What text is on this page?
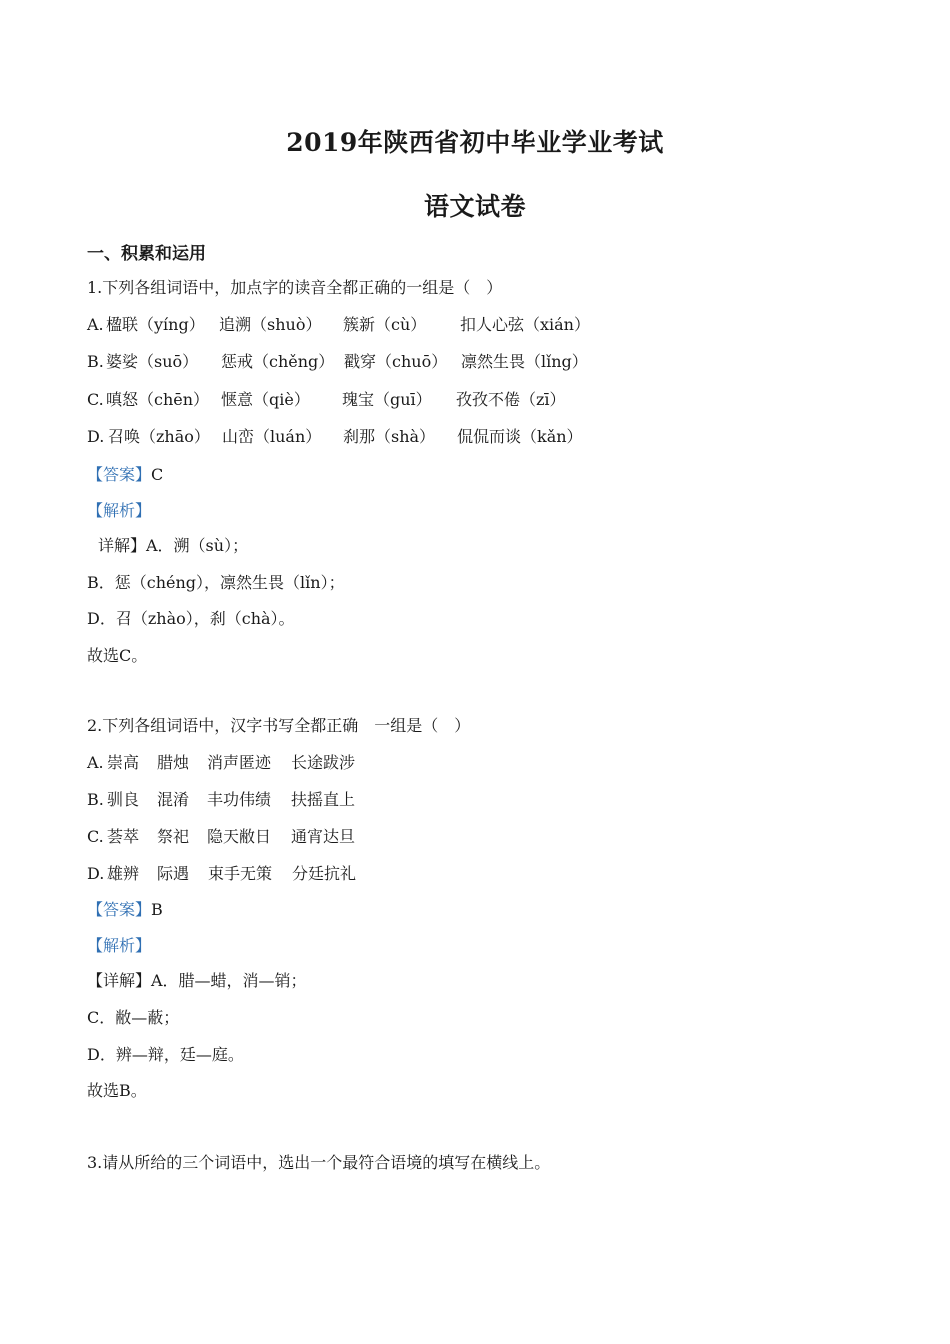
2019年陕西省初中毕业学业考试
语文试卷
一、积累和运用
1.下列各组词语中，加点字的读音全都正确的一组是（　）
A. 楹联（yíng） 追溯（shuò） 簇新（cù） 扣人心弦（xián）
B. 婆娑（suō） 惩戒（chěng） 戳穿（chuō） 凛然生畏（lǐng）
C. 嗔怒（chēn） 惬意（qiè） 瑰宝（guī） 孜孜不倦（zī）
D. 召唤（zhāo） 山峦（luán） 刹那（shà） 侃侃而谈（kǎn）
【答案】C
【解析】
详解】A．溯（sù）；
B．惩（chéng），凛然生畏（lǐn）；
D．召（zhào），刹（chà）。
故选C。
2.下列各组词语中，汉字书写全都正确　一组是（　）
A. 崇高 腊烛 消声匿迹 长途跋涉
B. 驯良 混淆 丰功伟绩 扶摇直上
C. 荟萃 祭祀 隐天敝日 通宵达旦
D. 雄辨 际遇 束手无策 分廷抗礼
【答案】B
【解析】
【详解】A．腊—蜡，消—销；
C．敝—蔽；
D．辨—辩，廷—庭。
故选B。
3.请从所给的三个词语中，选出一个最符合语境的填写在横线上。
